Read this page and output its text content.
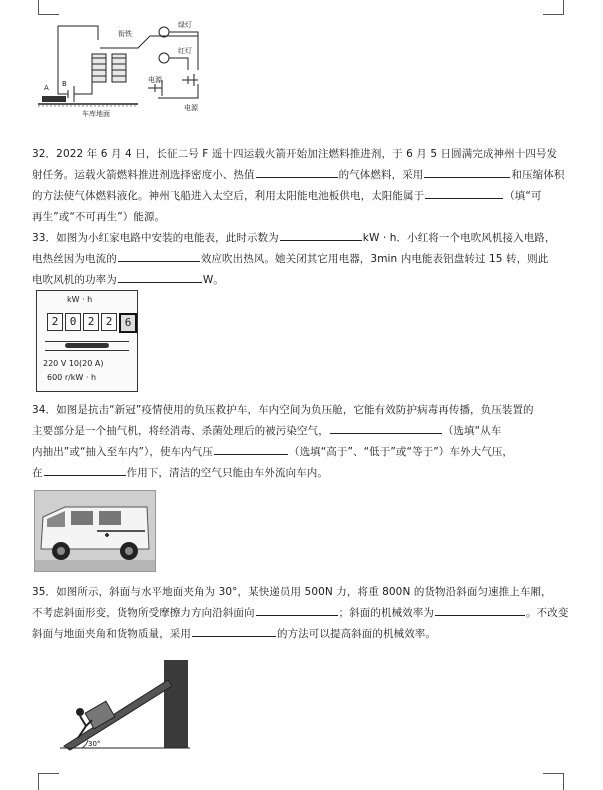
衔铁
绿灯
红灯
电源
电源
A B
车库地面
32．2022 年 6 月 4 日，长征二号 F 遥十四运载火箭开始加注燃料推进剂，于 6 月 5 日圆满完成神州十四号发
射任务。运载火箭燃料推进剂选择密度小、热值	的气体燃料，采用	和压缩体积
的方法使气体燃料液化。神州飞船进入太空后，利用太阳能电池板供电，太阳能属于	（填“可
再生”或“不可再生”）能源。
33．如图为小红家电路中安装的电能表，此时示数为	kW · h．小红将一个电吹风机接入电路，
电热丝因为电流的	效应吹出热风。她关闭其它用电器，3min 内电能表铝盘转过 15 转，则此
电吹风机的功率为	W。
kW · h
2	0	2	2	6
220 V 10(20 A)
600 r/kW · h
34．如图是抗击“新冠”疫情使用的负压救护车，车内空间为负压舱，它能有效防护病毒再传播，负压装置的
主要部分是一个抽气机，将经消毒、杀菌处理后的被污染空气，	（选填“从车
内抽出”或“抽入至车内”），使车内气压	（选填“高于”、“低于”或“等于”）车外大气压，
在	作用下，清洁的空气只能由车外流向车内。
35．如图所示，斜面与水平地面夹角为 30°，某快递员用 500N 力，将重 800N 的货物沿斜面匀速推上车厢，
不考虑斜面形变，货物所受摩擦力方向沿斜面向	；斜面的机械效率为	。不改变
斜面与地面夹角和货物质量，采用	的方法可以提高斜面的机械效率。
30°
